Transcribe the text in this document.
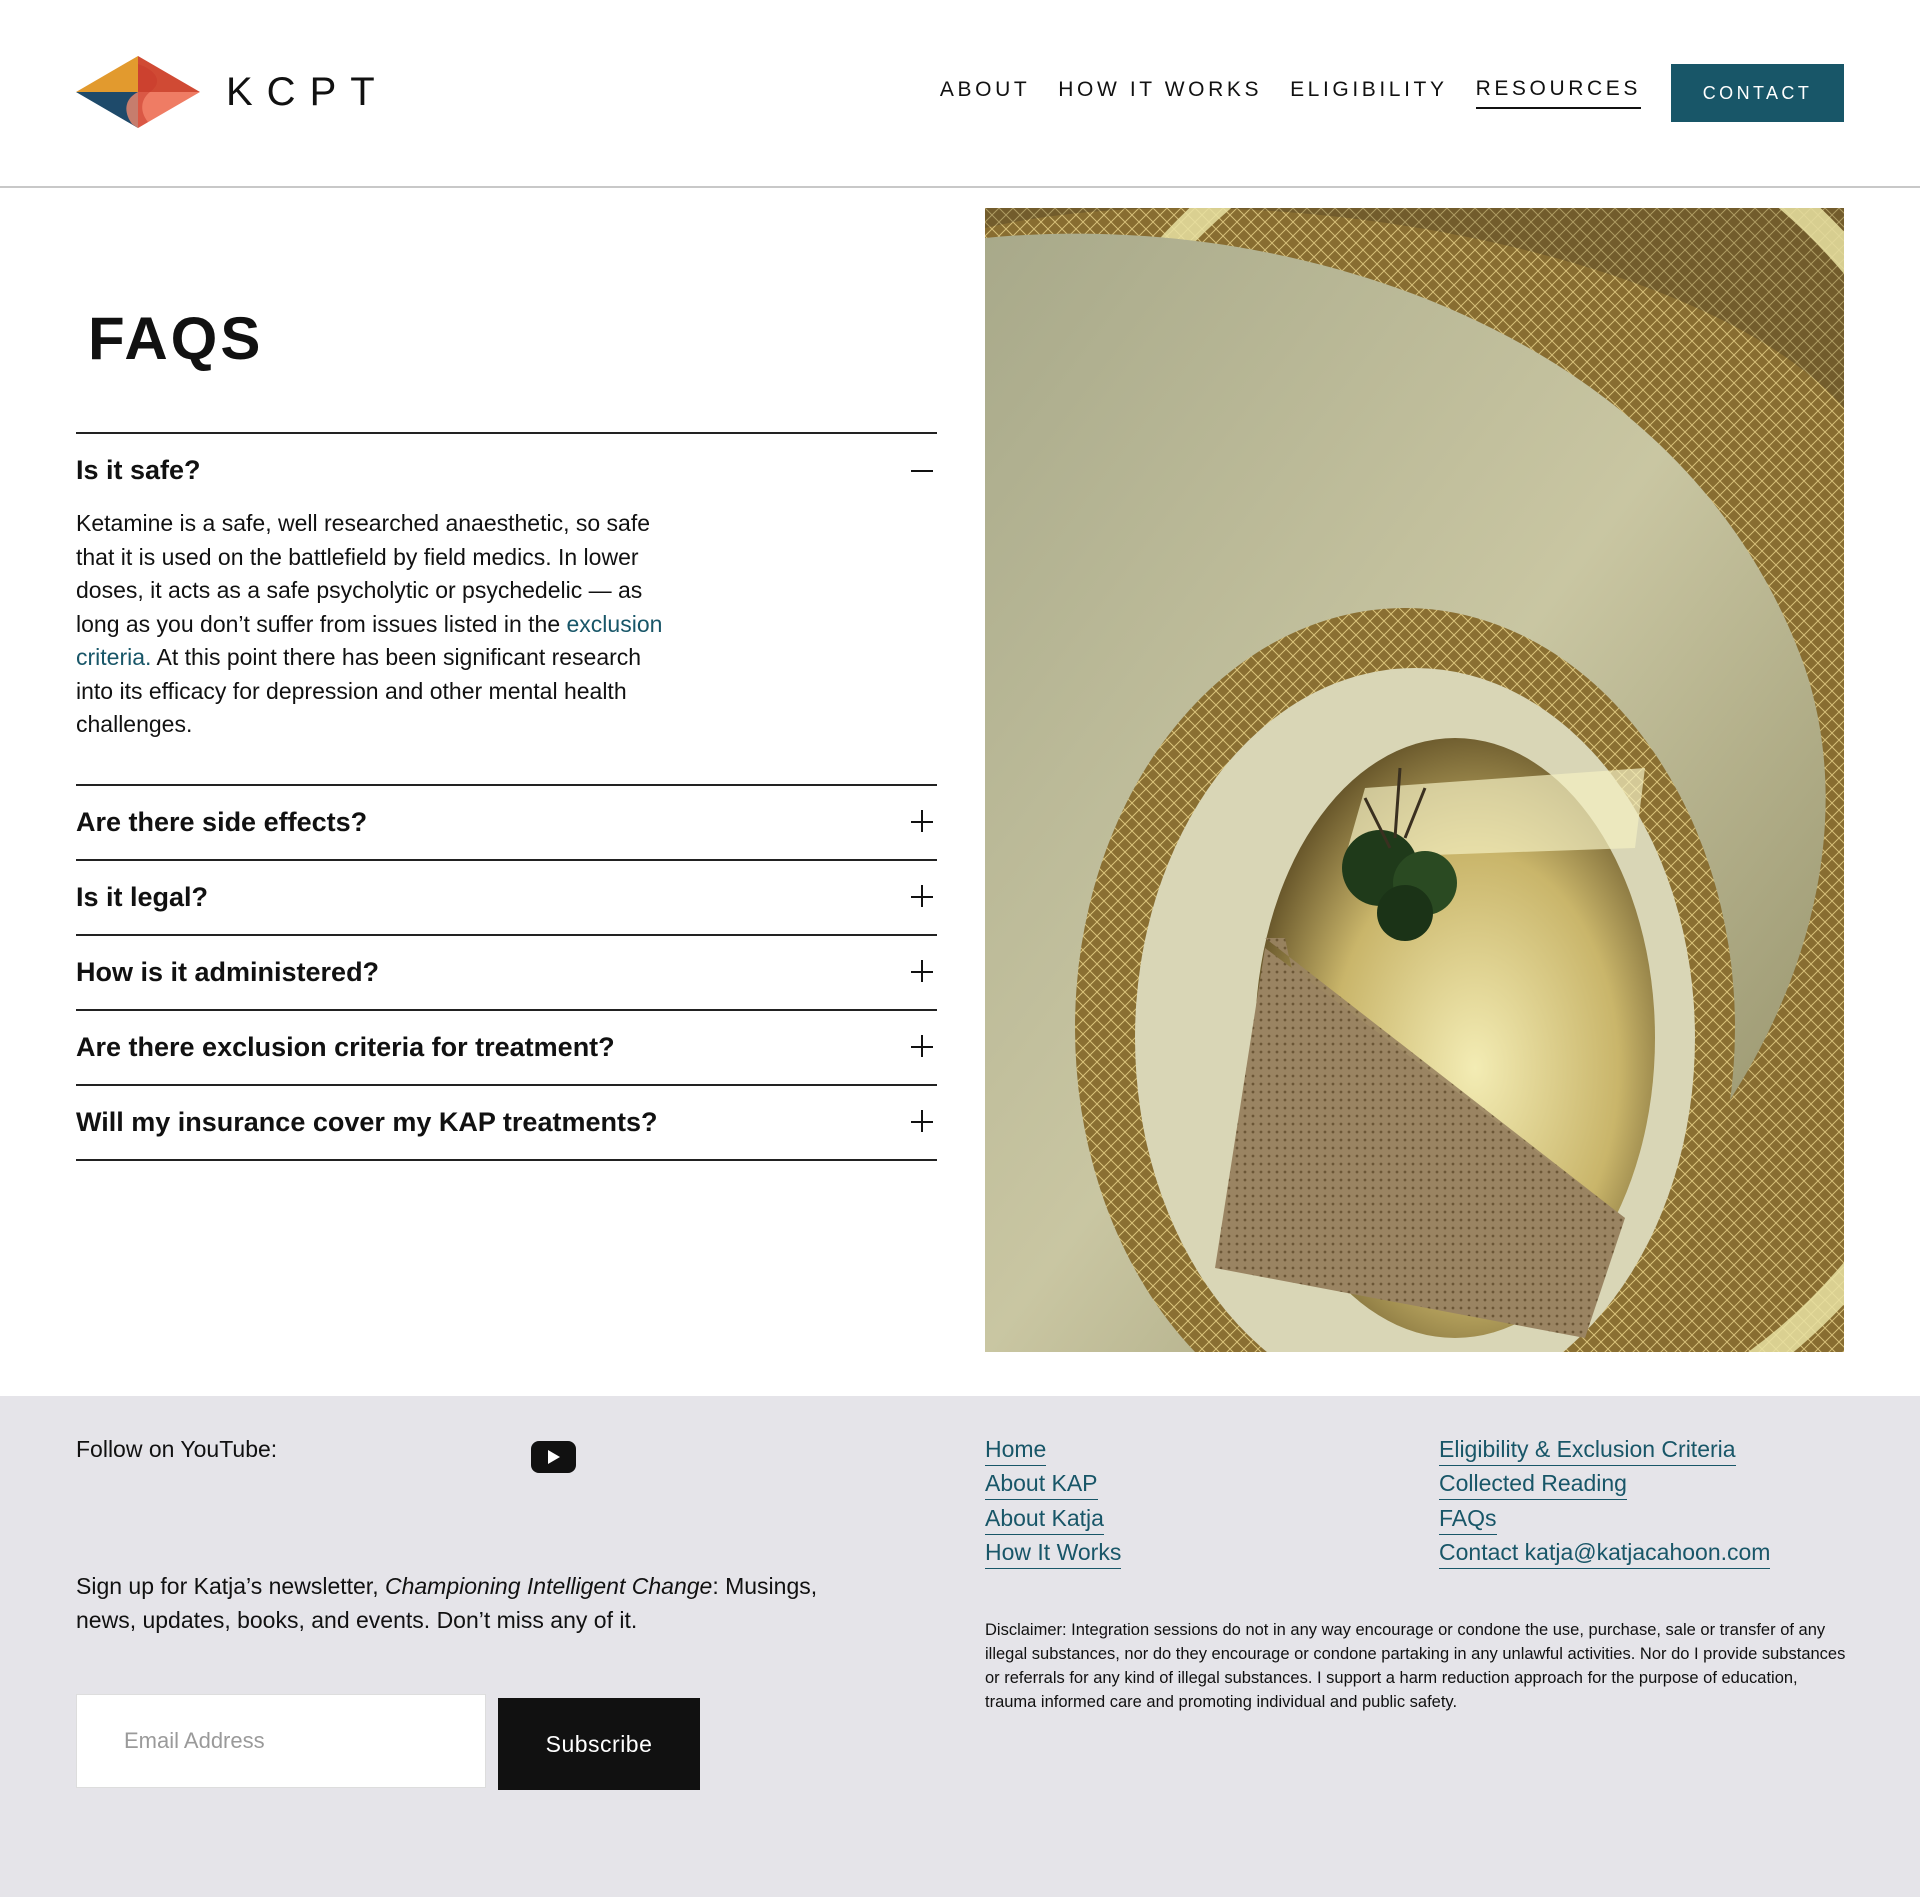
KCPT	ABOUT HOW IT WORKS ELIGIBILITY RESOURCES	CONTACT
FAQS
Is it safe?

Ketamine is a safe, well researched anaesthetic, so safe that it is used on the battlefield by field medics. In lower doses, it acts as a safe psycholytic or psychedelic — as long as you don’t suffer from issues listed in the exclusion criteria. At this point there has been significant research into its efficacy for depression and other mental health challenges.

Are there side effects?
Is it legal?
How is it administered?
Are there exclusion criteria for treatment?
Will my insurance cover my KAP treatments?
Follow on YouTube:

Sign up for Katja’s newsletter, Championing Intelligent Change: Musings, news, updates, books, and events. Don’t miss any of it.

Email Address
Subscribe
Home
About KAP
About Katja
How It Works
Eligibility & Exclusion Criteria
Collected Reading
FAQs
Contact katja@katjacahoon.com

Disclaimer: Integration sessions do not in any way encourage or condone the use, purchase, sale or transfer of any illegal substances, nor do they encourage or condone partaking in any unlawful activities. Nor do I provide substances or referrals for any kind of illegal substances. I support a harm reduction approach for the purpose of education, trauma informed care and promoting individual and public safety.
